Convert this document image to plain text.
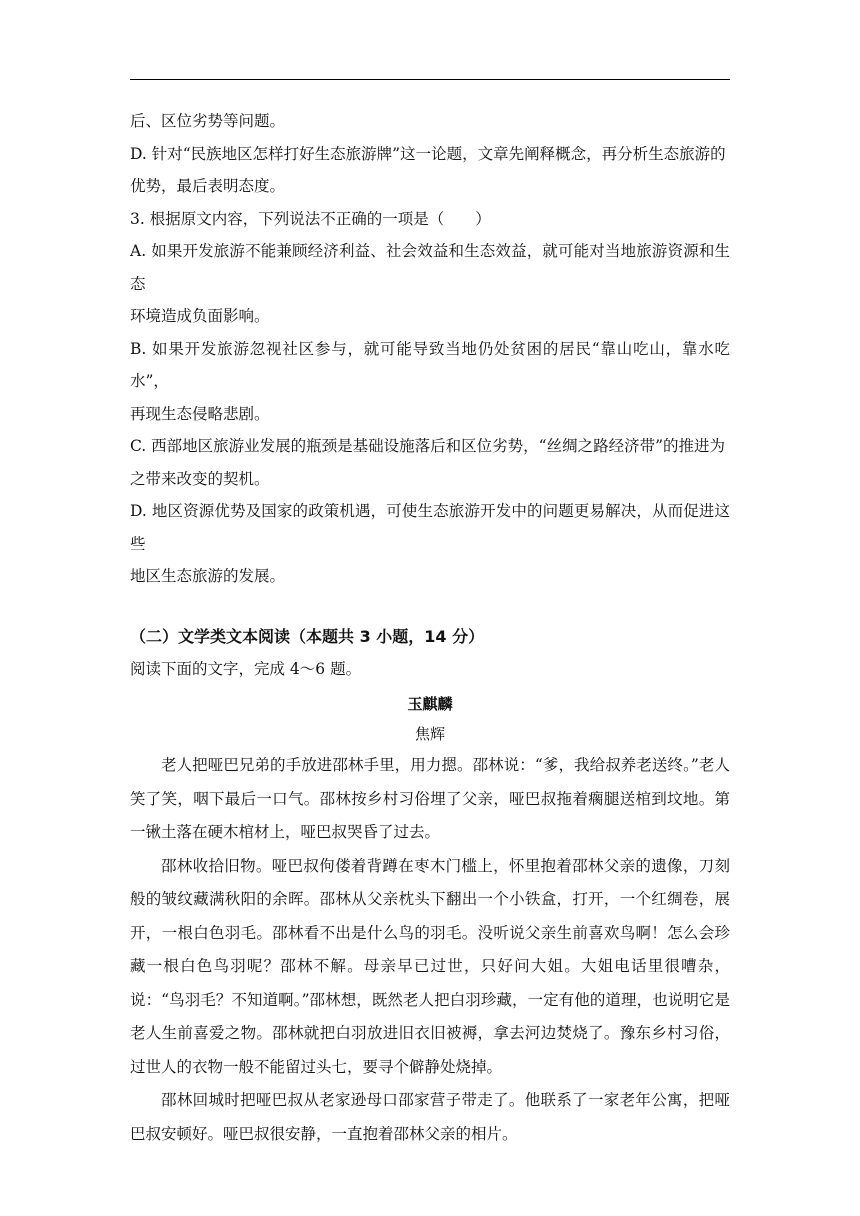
后、区位劣势等问题。

D. 针对“民族地区怎样打好生态旅游牌”这一论题，文章先阐释概念，再分析生态旅游的

优势，最后表明态度。

3. 根据原文内容，下列说法不正确的一项是（　　）

A. 如果开发旅游不能兼顾经济利益、社会效益和生态效益，就可能对当地旅游资源和生态

环境造成负面影响。

B. 如果开发旅游忽视社区参与，就可能导致当地仍处贫困的居民“靠山吃山，靠水吃水”，

再现生态侵略悲剧。

C. 西部地区旅游业发展的瓶颈是基础设施落后和区位劣势，“丝绸之路经济带”的推进为

之带来改变的契机。

D. 地区资源优势及国家的政策机遇，可使生态旅游开发中的问题更易解决，从而促进这些

地区生态旅游的发展。

（二）文学类文本阅读（本题共 3 小题，14 分）

阅读下面的文字，完成 4～6 题。

玉麒麟

焦辉

老人把哑巴兄弟的手放进邵林手里，用力摁。邵林说：“爹，我给叔养老送终。”老人笑了笑，咽下最后一口气。邵林按乡村习俗埋了父亲，哑巴叔拖着瘸腿送棺到坟地。第一锹土落在硬木棺材上，哑巴叔哭昏了过去。

邵林收拾旧物。哑巴叔佝偻着背蹲在枣木门槛上，怀里抱着邵林父亲的遗像，刀刻般的皱纹藏满秋阳的余晖。邵林从父亲枕头下翻出一个小铁盒，打开，一个红绸卷，展开，一根白色羽毛。邵林看不出是什么鸟的羽毛。没听说父亲生前喜欢鸟啊！怎么会珍藏一根白色鸟羽呢？邵林不解。母亲早已过世，只好问大姐。大姐电话里很嘈杂，说：“鸟羽毛？不知道啊。”邵林想，既然老人把白羽珍藏，一定有他的道理，也说明它是老人生前喜爱之物。邵林就把白羽放进旧衣旧被褥，拿去河边焚烧了。豫东乡村习俗，过世人的衣物一般不能留过头七，要寻个僻静处烧掉。

邵林回城时把哑巴叔从老家逊母口邵家营子带走了。他联系了一家老年公寓，把哑巴叔安顿好。哑巴叔很安静，一直抱着邵林父亲的相片。
